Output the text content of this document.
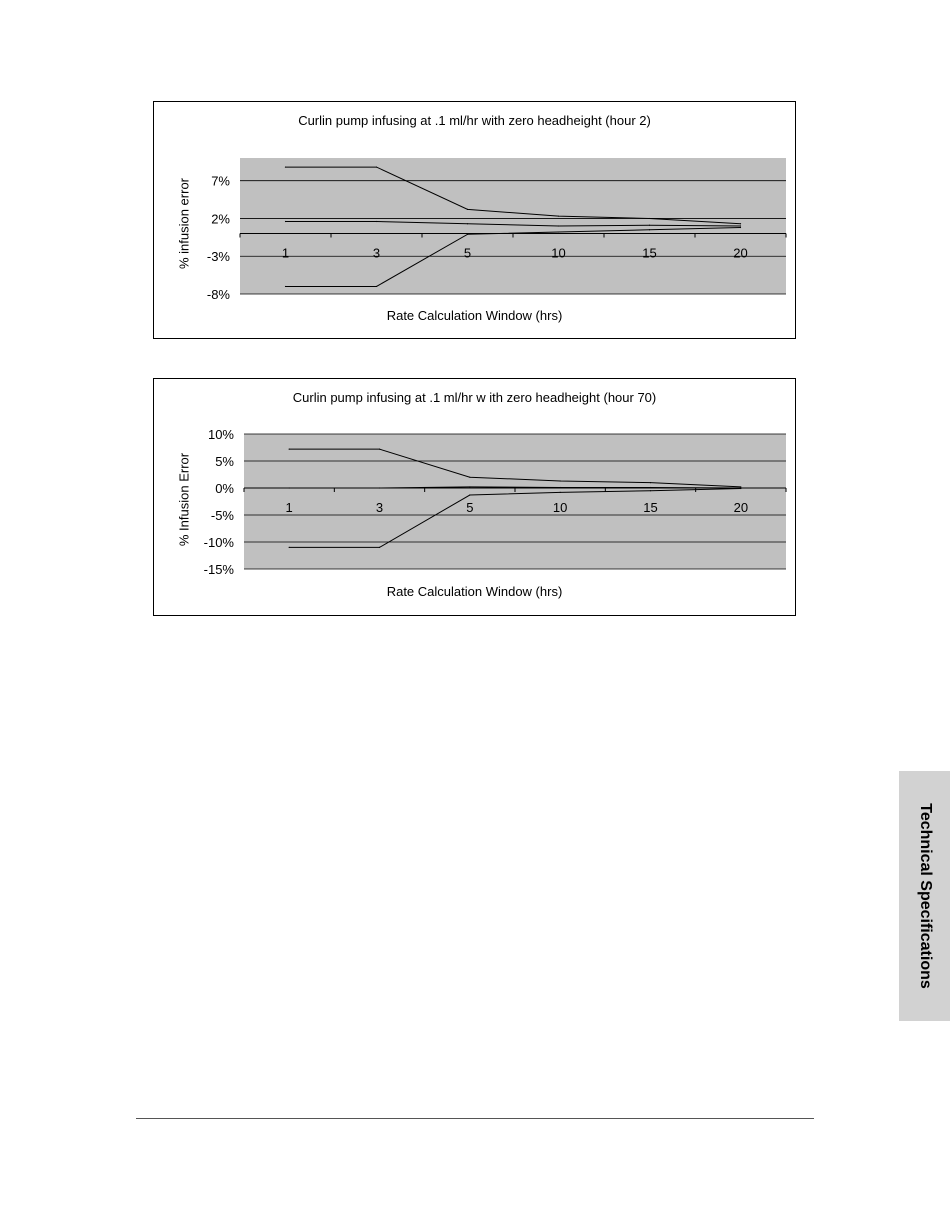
7%
2%
-3%
-8%
1	3	5	10	15	20
Curlin pump infusing at .1 ml/hr with zero headheight (hour 2)
Rate Calculation Window (hrs)
% infusion error
10%
5%
0%
-5%
-10%
-15%
1	3	5	10	15	20
Curlin pump infusing at .1 ml/hr w ith zero headheight (hour 70)
Rate Calculation Window (hrs)
% Infusion Error
Technical Specifications
